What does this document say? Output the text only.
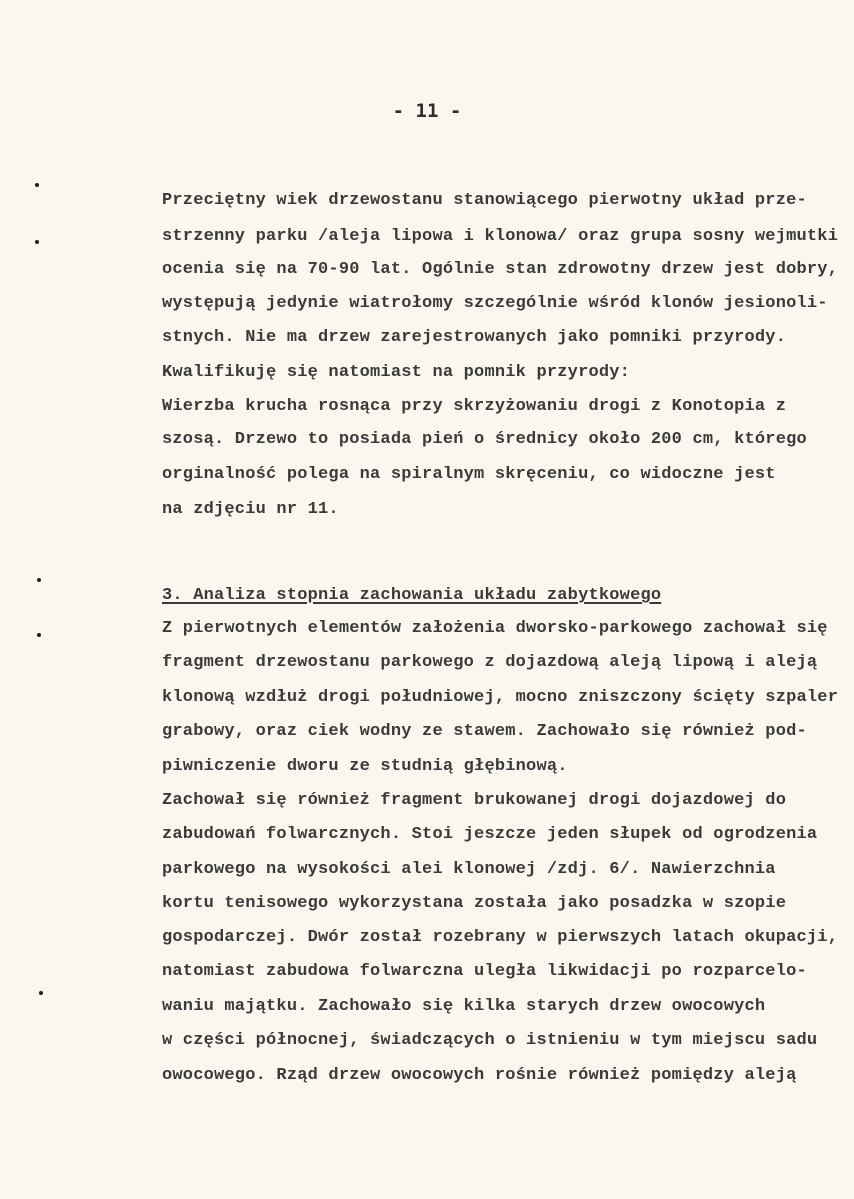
- 11 -
Przeciętny wiek drzewostanu stanowiącego pierwotny układ prze-
strzenny parku /aleja lipowa i klonowa/ oraz grupa sosny wejmutki
ocenia się na 70-90 lat. Ogólnie stan zdrowotny drzew jest dobry,
występują jedynie wiatrołomy szczególnie wśród klonów jesionoli-
stnych. Nie ma drzew zarejestrowanych jako pomniki przyrody.
Kwalifikuję się natomiast na pomnik przyrody:
Wierzba krucha rosnąca przy skrzyżowaniu drogi z Konotopia z
szosą. Drzewo to posiada pień o średnicy około 200 cm, którego
orginalność polega na spiralnym skręceniu, co widoczne jest
na zdjęciu nr 11.
3. Analiza stopnia zachowania układu zabytkowego
Z pierwotnych elementów założenia dworsko-parkowego zachował się
fragment drzewostanu parkowego z dojazdową aleją lipową i aleją
klonową wzdłuż drogi południowej, mocno zniszczony ścięty szpaler
grabowy, oraz ciek wodny ze stawem. Zachowało się również pod-
piwniczenie dworu ze studnią głębinową.
Zachował się również fragment brukowanej drogi dojazdowej do
zabudowań folwarcznych. Stoi jeszcze jeden słupek od ogrodzenia
parkowego na wysokości alei klonowej /zdj. 6/. Nawierzchnia
kortu tenisowego wykorzystana została jako posadzka w szopie
gospodarczej. Dwór został rozebrany w pierwszych latach okupacji,
natomiast zabudowa folwarczna uległa likwidacji po rozparcelo-
waniu majątku. Zachowało się kilka starych drzew owocowych
w części północnej, świadczących o istnieniu w tym miejscu sadu
owocowego. Rząd drzew owocowych rośnie również pomiędzy aleją
